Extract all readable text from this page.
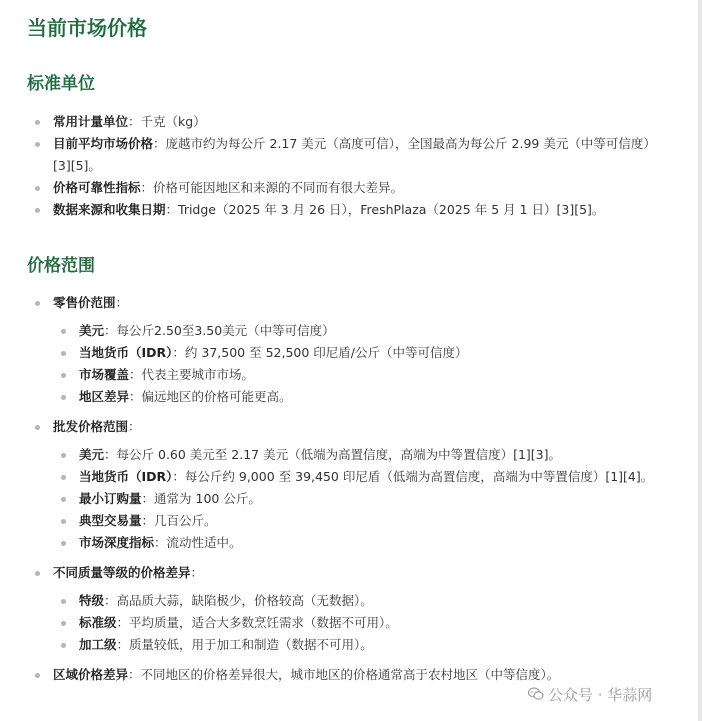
当前市场价格
标准单位
常用计量单位：千克（kg）
目前平均市场价格：庞越市约为每公斤 2.17 美元（高度可信），全国最高为每公斤 2.99 美元（中等可信度）[3][5]。
价格可靠性指标：价格可能因地区和来源的不同而有很大差异。
数据来源和收集日期：Tridge（2025 年 3 月 26 日），FreshPlaza（2025 年 5 月 1 日）[3][5]。
价格范围
零售价范围：
美元：每公斤2.50至3.50美元（中等可信度）
当地货币（IDR）：约 37,500 至 52,500 印尼盾/公斤（中等可信度）
市场覆盖：代表主要城市市场。
地区差异：偏远地区的价格可能更高。
批发价格范围：
美元：每公斤 0.60 美元至 2.17 美元（低端为高置信度，高端为中等置信度）[1][3]。
当地货币（IDR）：每公斤约 9,000 至 39,450 印尼盾（低端为高置信度，高端为中等置信度）[1][4]。
最小订购量：通常为 100 公斤。
典型交易量：几百公斤。
市场深度指标：流动性适中。
不同质量等级的价格差异：
特级：高品质大蒜，缺陷极少，价格较高（无数据）。
标准级：平均质量，适合大多数烹饪需求（数据不可用）。
加工级：质量较低，用于加工和制造（数据不可用）。
区域价格差异：不同地区的价格差异很大，城市地区的价格通常高于农村地区（中等信度）。
公众号 · 华蒜网
